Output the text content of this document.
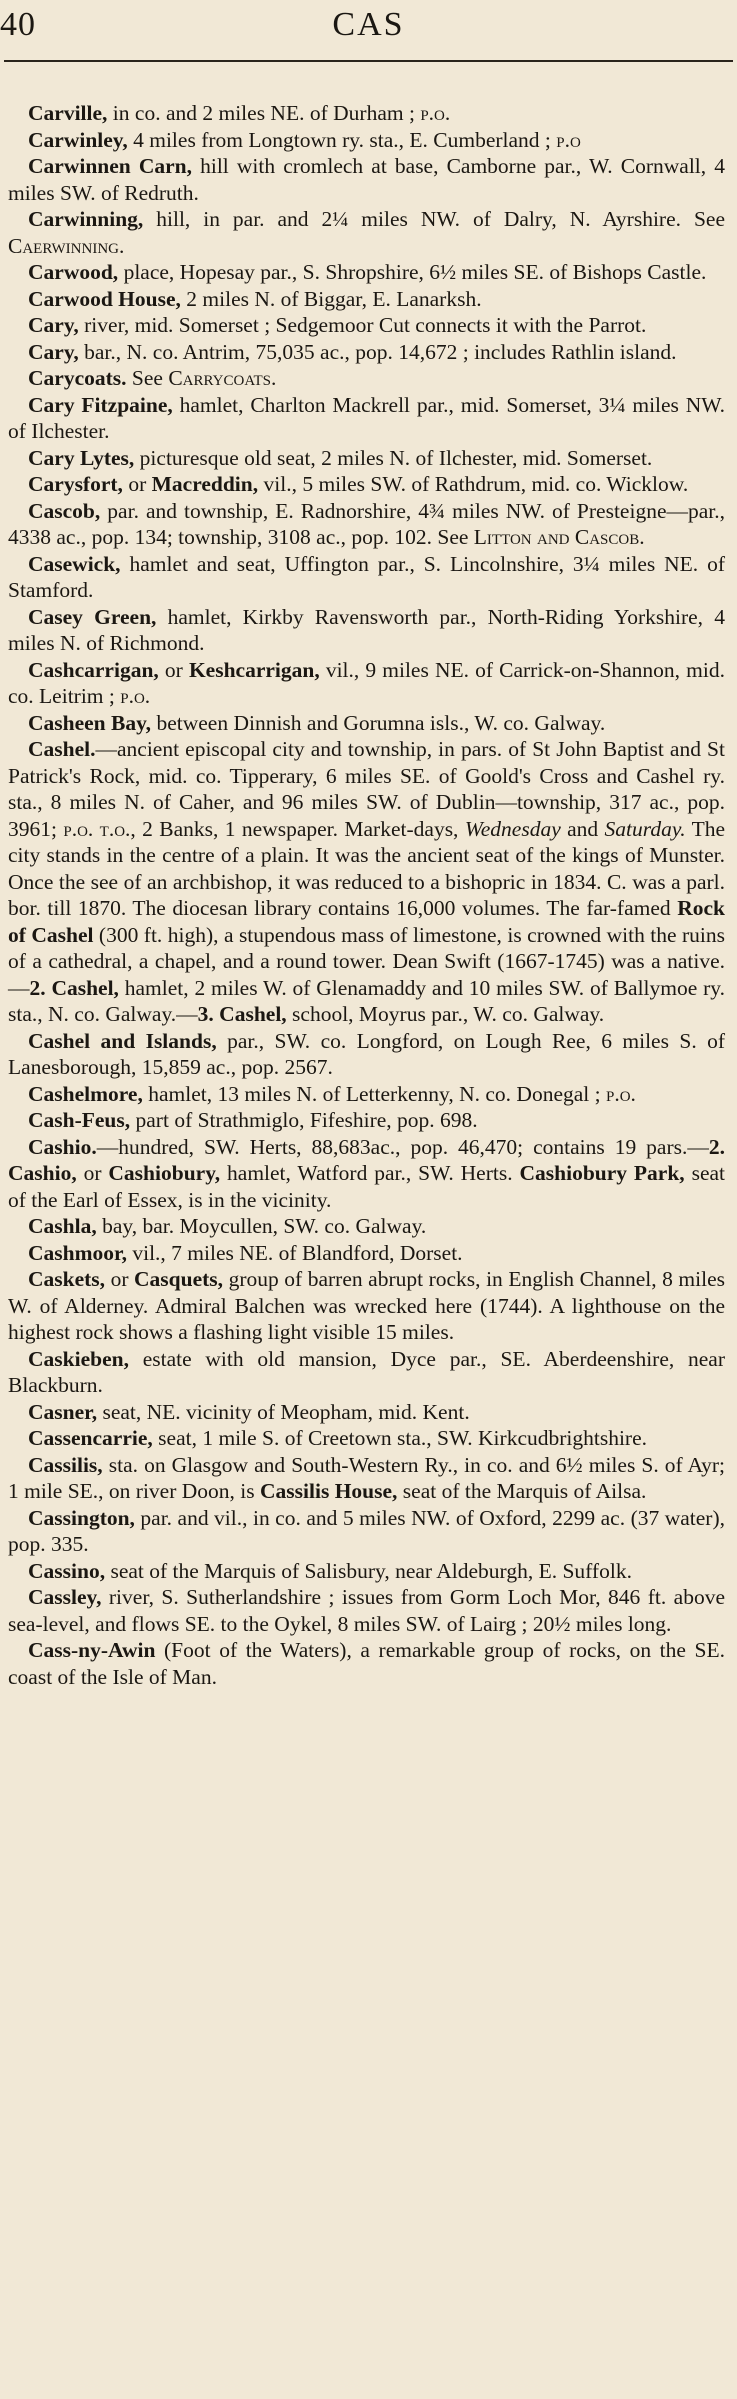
40	CAS

Carville, in co. and 2 miles NE. of Durham ; p.o.

Carwinley, 4 miles from Longtown ry. sta., E. Cumberland ; p.o

Carwinnen Carn, hill with cromlech at base, Camborne par., W. Cornwall, 4 miles SW. of Redruth.

Carwinning, hill, in par. and 2¼ miles NW. of Dalry, N. Ayrshire. See Caerwinning.

Carwood, place, Hopesay par., S. Shropshire, 6½ miles SE. of Bishops Castle.

Carwood House, 2 miles N. of Biggar, E. Lanarksh.

Cary, river, mid. Somerset ; Sedgemoor Cut connects it with the Parrot.

Cary, bar., N. co. Antrim, 75,035 ac., pop. 14,672 ; includes Rathlin island.

Carycoats. See Carrycoats.

Cary Fitzpaine, hamlet, Charlton Mackrell par., mid. Somerset, 3¼ miles NW. of Ilchester.

Cary Lytes, picturesque old seat, 2 miles N. of Ilchester, mid. Somerset.

Carysfort, or Macreddin, vil., 5 miles SW. of Rathdrum, mid. co. Wicklow.

Cascob, par. and township, E. Radnorshire, 4¾ miles NW. of Presteigne—par., 4338 ac., pop. 134; township, 3108 ac., pop. 102. See Litton and Cascob.

Casewick, hamlet and seat, Uffington par., S. Lincolnshire, 3¼ miles NE. of Stamford.

Casey Green, hamlet, Kirkby Ravensworth par., North-Riding Yorkshire, 4 miles N. of Richmond.

Cashcarrigan, or Keshcarrigan, vil., 9 miles NE. of Carrick-on-Shannon, mid. co. Leitrim ; p.o.

Casheen Bay, between Dinnish and Gorumna isls., W. co. Galway.

Cashel.—ancient episcopal city and township, in pars. of St John Baptist and St Patrick's Rock, mid. co. Tipperary, 6 miles SE. of Goold's Cross and Cashel ry. sta., 8 miles N. of Caher, and 96 miles SW. of Dublin—township, 317 ac., pop. 3961; p.o. t.o., 2 Banks, 1 newspaper. Market-days, Wednesday and Saturday. The city stands in the centre of a plain. It was the ancient seat of the kings of Munster. Once the see of an archbishop, it was reduced to a bishopric in 1834. C. was a parl. bor. till 1870. The diocesan library contains 16,000 volumes. The far-famed Rock of Cashel (300 ft. high), a stupendous mass of limestone, is crowned with the ruins of a cathedral, a chapel, and a round tower. Dean Swift (1667-1745) was a native.—2. Cashel, hamlet, 2 miles W. of Glenamaddy and 10 miles SW. of Ballymoe ry. sta., N. co. Galway.—3. Cashel, school, Moyrus par., W. co. Galway.

Cashel and Islands, par., SW. co. Longford, on Lough Ree, 6 miles S. of Lanesborough, 15,859 ac., pop. 2567.

Cashelmore, hamlet, 13 miles N. of Letterkenny, N. co. Donegal ; p.o.

Cash-Feus, part of Strathmiglo, Fifeshire, pop. 698.

Cashio.—hundred, SW. Herts, 88,683ac., pop. 46,470; contains 19 pars.—2. Cashio, or Cashiobury, hamlet, Watford par., SW. Herts. Cashiobury Park, seat of the Earl of Essex, is in the vicinity.

Cashla, bay, bar. Moycullen, SW. co. Galway.

Cashmoor, vil., 7 miles NE. of Blandford, Dorset.

Caskets, or Casquets, group of barren abrupt rocks, in English Channel, 8 miles W. of Alderney. Admiral Balchen was wrecked here (1744). A lighthouse on the highest rock shows a flashing light visible 15 miles.

Caskieben, estate with old mansion, Dyce par., SE. Aberdeenshire, near Blackburn.

Casner, seat, NE. vicinity of Meopham, mid. Kent.

Cassencarrie, seat, 1 mile S. of Creetown sta., SW. Kirkcudbrightshire.

Cassilis, sta. on Glasgow and South-Western Ry., in co. and 6½ miles S. of Ayr; 1 mile SE., on river Doon, is Cassilis House, seat of the Marquis of Ailsa.

Cassington, par. and vil., in co. and 5 miles NW. of Oxford, 2299 ac. (37 water), pop. 335.

Cassino, seat of the Marquis of Salisbury, near Aldeburgh, E. Suffolk.

Cassley, river, S. Sutherlandshire ; issues from Gorm Loch Mor, 846 ft. above sea-level, and flows SE. to the Oykel, 8 miles SW. of Lairg ; 20½ miles long.

Cass-ny-Awin (Foot of the Waters), a remarkable group of rocks, on the SE. coast of the Isle of Man.
